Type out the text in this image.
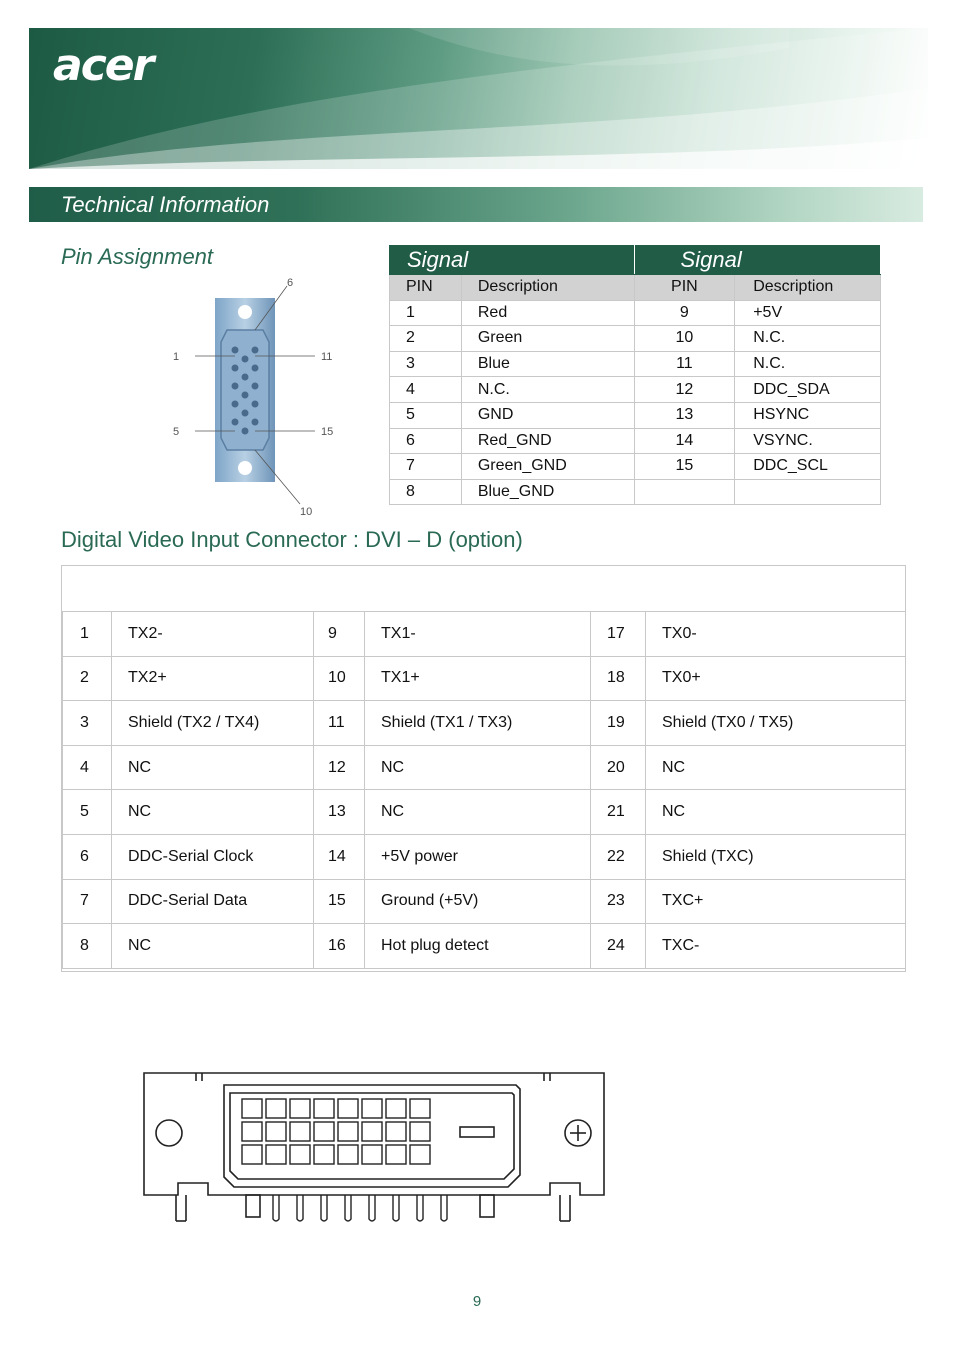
acer
Technical Information
Pin Assignment
6
1	11
5	15
10
Signal		Signal	
PIN	Description	PIN	Description
1	Red	9	+5V
2	Green	10	N.C.
3	Blue	11	N.C.
4	N.C.	12	DDC_SDA
5	GND	13	HSYNC
6	Red_GND	14	VSYNC.
7	Green_GND	15	DDC_SCL
8	Blue_GND		
Digital Video Input Connector : DVI – D (option)
1	TX2-	9	TX1-	17	TX0-
2	TX2+	10	TX1+	18	TX0+
3	Shield (TX2 / TX4)	11	Shield (TX1 / TX3)	19	Shield (TX0 / TX5)
4	NC	12	NC	20	NC
5	NC	13	NC	21	NC
6	DDC-Serial Clock	14	+5V power	22	Shield (TXC)
7	DDC-Serial Data	15	Ground (+5V)	23	TXC+
8	NC	16	Hot plug detect	24	TXC-
9
